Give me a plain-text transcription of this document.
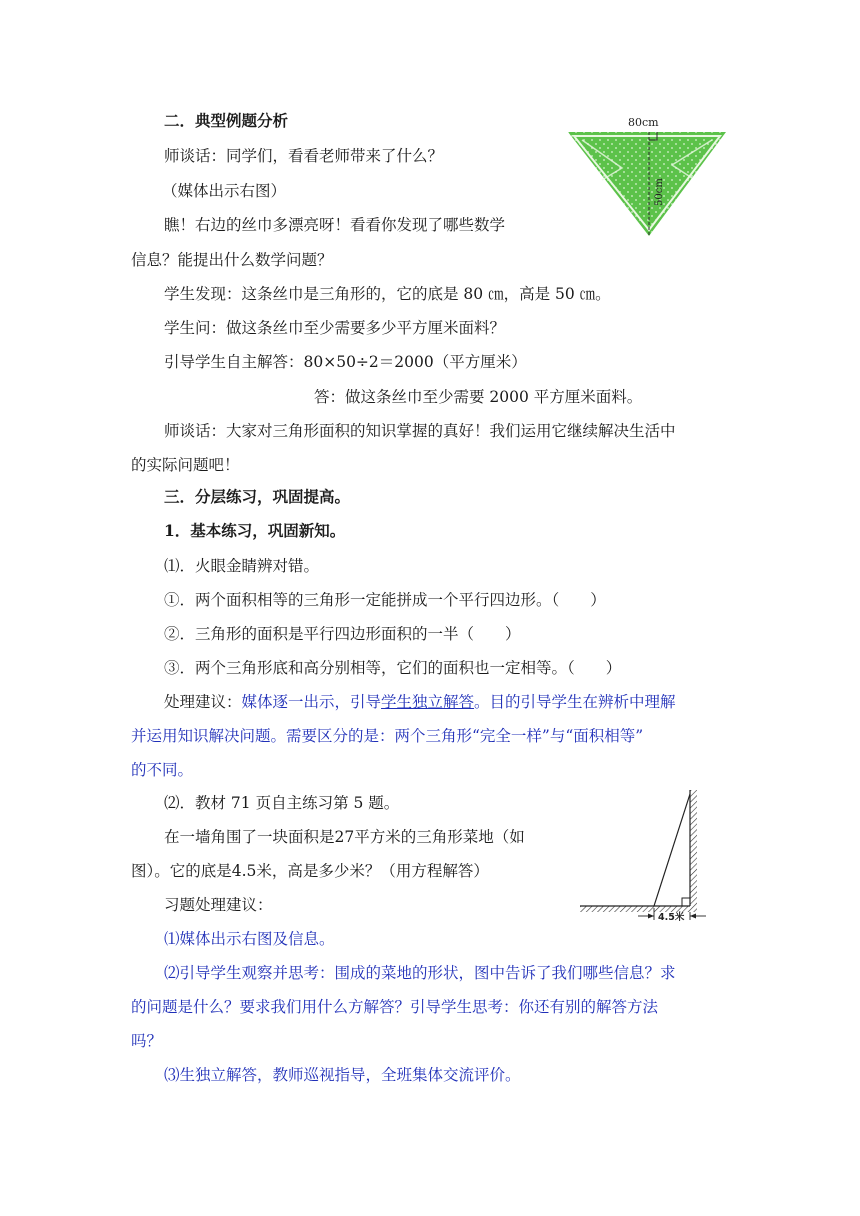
二．典型例题分析
师谈话：同学们，看看老师带来了什么？
（媒体出示右图）
瞧！右边的丝巾多漂亮呀！看看你发现了哪些数学
信息？能提出什么数学问题？
学生发现：这条丝巾是三角形的，它的底是 80 ㎝，高是 50 ㎝。
学生问：做这条丝巾至少需要多少平方厘米面料？
引导学生自主解答：80×50÷2＝2000（平方厘米）
答：做这条丝巾至少需要 2000 平方厘米面料。
师谈话：大家对三角形面积的知识掌握的真好！我们运用它继续解决生活中
的实际问题吧！
80cm
50cm
三．分层练习，巩固提高。
1．基本练习，巩固新知。
⑴．火眼金睛辨对错。
①．两个面积相等的三角形一定能拼成一个平行四边形。（　　）
②．三角形的面积是平行四边形面积的一半（　　）
③．两个三角形底和高分别相等，它们的面积也一定相等。（　　）
处理建议：媒体逐一出示，引导学生独立解答。目的引导学生在辨析中理解
并运用知识解决问题。需要区分的是：两个三角形“完全一样”与“面积相等”
的不同。
⑵．教材 71 页自主练习第 5 题。
在一墙角围了一块面积是27平方米的三角形菜地（如
图）。它的底是4.5米，高是多少米？（用方程解答）
习题处理建议：
⑴媒体出示右图及信息。
⑵引导学生观察并思考：围成的菜地的形状，图中告诉了我们哪些信息？求
的问题是什么？要求我们用什么方解答？引导学生思考：你还有别的解答方法
吗？
⑶生独立解答，教师巡视指导，全班集体交流评价。
4.5米
